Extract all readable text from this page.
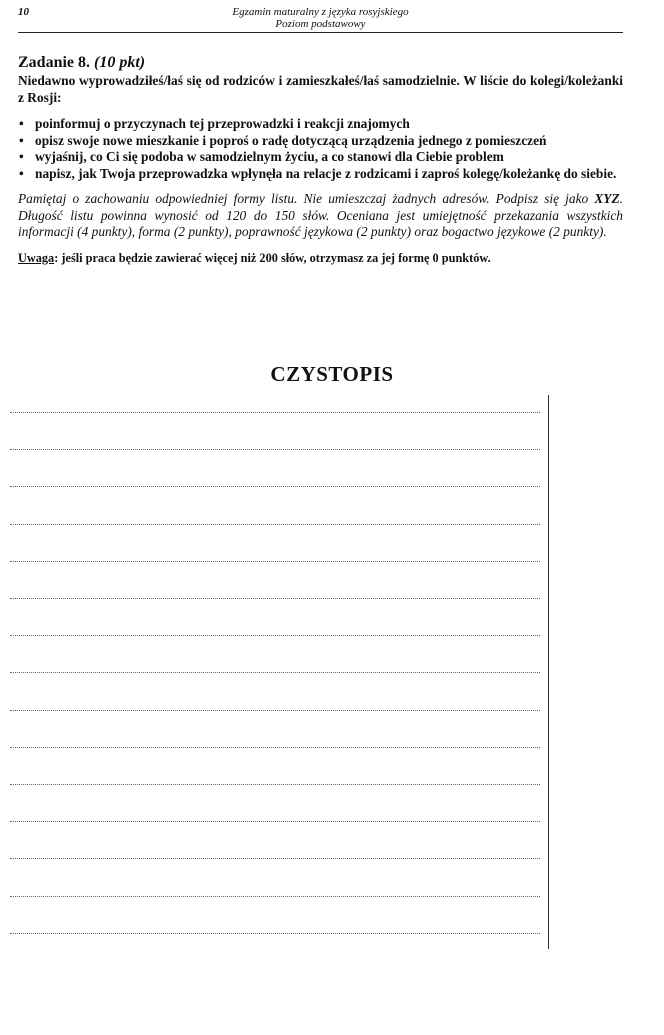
10	Egzamin maturalny z języka rosyjskiego
Poziom podstawowy

Zadanie 8. (10 pkt)

Niedawno wyprowadziłeś/łaś się od rodziców i zamieszkałeś/łaś samodzielnie. W liście do kolegi/koleżanki z Rosji:

• poinformuj o przyczynach tej przeprowadzki i reakcji znajomych
• opisz swoje nowe mieszkanie i poproś o radę dotyczącą urządzenia jednego z pomieszczeń
• wyjaśnij, co Ci się podoba w samodzielnym życiu, a co stanowi dla Ciebie problem
• napisz, jak Twoja przeprowadzka wpłynęła na relacje z rodzicami i zaproś kolegę/koleżankę do siebie.

Pamiętaj o zachowaniu odpowiedniej formy listu. Nie umieszczaj żadnych adresów. Podpisz się jako XYZ. Długość listu powinna wynosić od 120 do 150 słów. Oceniana jest umiejętność przekazania wszystkich informacji (4 punkty), forma (2 punkty), poprawność językowa (2 punkty) oraz bogactwo językowe (2 punkty).

Uwaga: jeśli praca będzie zawierać więcej niż 200 słów, otrzymasz za jej formę 0 punktów.

CZYSTOPIS
